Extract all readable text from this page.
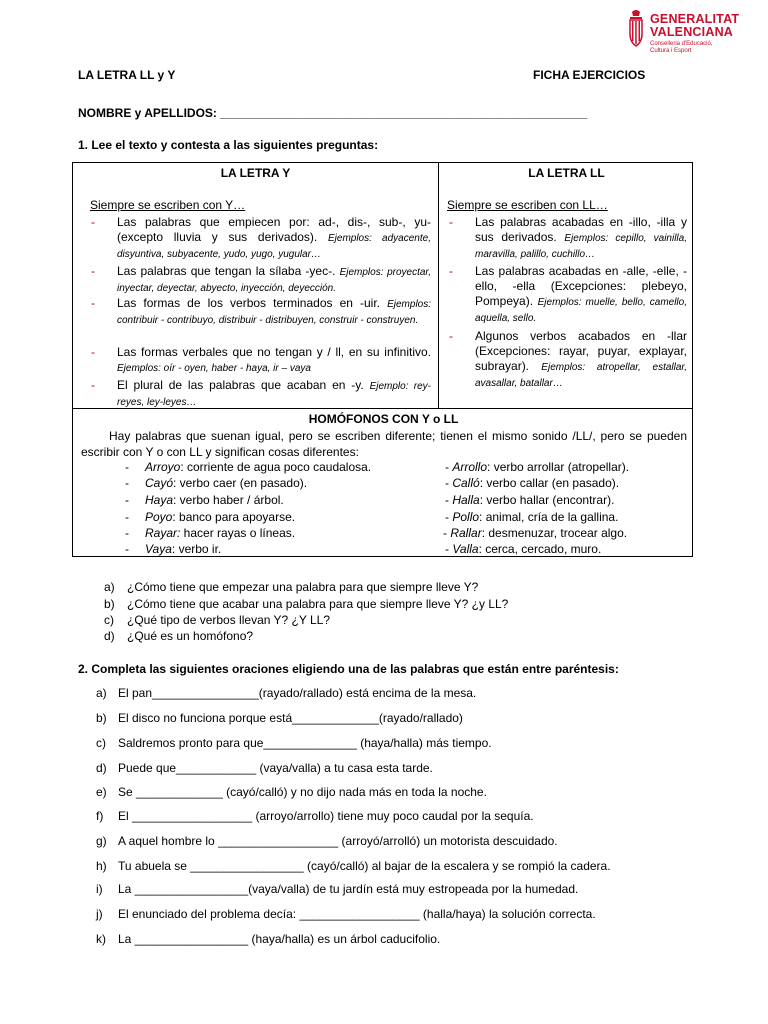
GENERALITAT
VALENCIANA
Conselleria d'Educació,
Cultura i Esport
LA LETRA LL y Y	FICHA EJERCICIOS
NOMBRE y APELLIDOS: _______________________________________________________
1. Lee el texto y contesta a las siguientes preguntas:
LA LETRA Y
Siempre se escriben con Y…
- Las palabras que empiecen por: ad-, dis-, sub-, yu- (excepto lluvia y sus derivados). Ejemplos: adyacente, disyuntiva, subyacente, yudo, yugo, yugular…
- Las palabras que tengan la sílaba -yec-. Ejemplos: proyectar, inyectar, deyectar, abyecto, inyección, deyección.
- Las formas de los verbos terminados en -uir. Ejemplos: contribuir - contribuyo, distribuir - distribuyen, construir - construyen.
- Las formas verbales que no tengan y / ll, en su infinitivo. Ejemplos: oír - oyen, haber - haya, ir – vaya
- El plural de las palabras que acaban en -y. Ejemplo: rey-reyes, ley-leyes…
LA LETRA LL
Siempre se escriben con LL…
- Las palabras acabadas en -illo, -illa y sus derivados. Ejemplos: cepillo, vainilla, maravilla, palillo, cuchillo…
- Las palabras acabadas en -alle, -elle, -ello, -ella (Excepciones: plebeyo, Pompeya). Ejemplos: muelle, bello, camello, aquella, sello.
- Algunos verbos acabados en -llar (Excepciones: rayar, puyar, explayar, subrayar). Ejemplos: atropellar, estallar, avasallar, batallar…
HOMÓFONOS CON Y o LL
Hay palabras que suenan igual, pero se escriben diferente; tienen el mismo sonido /LL/, pero se pueden escribir con Y o con LL y significan cosas diferentes:
- Arroyo: corriente de agua poco caudalosa.
- Cayó: verbo caer (en pasado).
- Haya: verbo haber / árbol.
- Poyo: banco para apoyarse.
- Rayar: hacer rayas o líneas.
- Vaya: verbo ir.
- Arrollo: verbo arrollar (atropellar).
- Calló: verbo callar (en pasado).
- Halla: verbo hallar (encontrar).
- Pollo: animal, cría de la gallina.
- Rallar: desmenuzar, trocear algo.
- Valla: cerca, cercado, muro.
a) ¿Cómo tiene que empezar una palabra para que siempre lleve Y?
b) ¿Cómo tiene que acabar una palabra para que siempre lleve Y? ¿y LL?
c) ¿Qué tipo de verbos llevan Y? ¿Y LL?
d) ¿Qué es un homófono?
2. Completa las siguientes oraciones eligiendo una de las palabras que están entre paréntesis:
a) El pan________________(rayado/rallado) está encima de la mesa.
b) El disco no funciona porque está_____________(rayado/rallado)
c) Saldremos pronto para que______________ (haya/halla) más tiempo.
d) Puede que____________ (vaya/valla) a tu casa esta tarde.
e) Se _____________ (cayó/calló) y no dijo nada más en toda la noche.
f) El __________________ (arroyo/arrollo) tiene muy poco caudal por la sequía.
g) A aquel hombre lo __________________ (arroyó/arrolló) un motorista descuidado.
h) Tu abuela se _________________ (cayó/calló) al bajar de la escalera y se rompió la cadera.
i) La _________________(vaya/valla) de tu jardín está muy estropeada por la humedad.
j) El enunciado del problema decía: __________________ (halla/haya) la solución correcta.
k) La _________________ (haya/halla) es un árbol caducifolio.
